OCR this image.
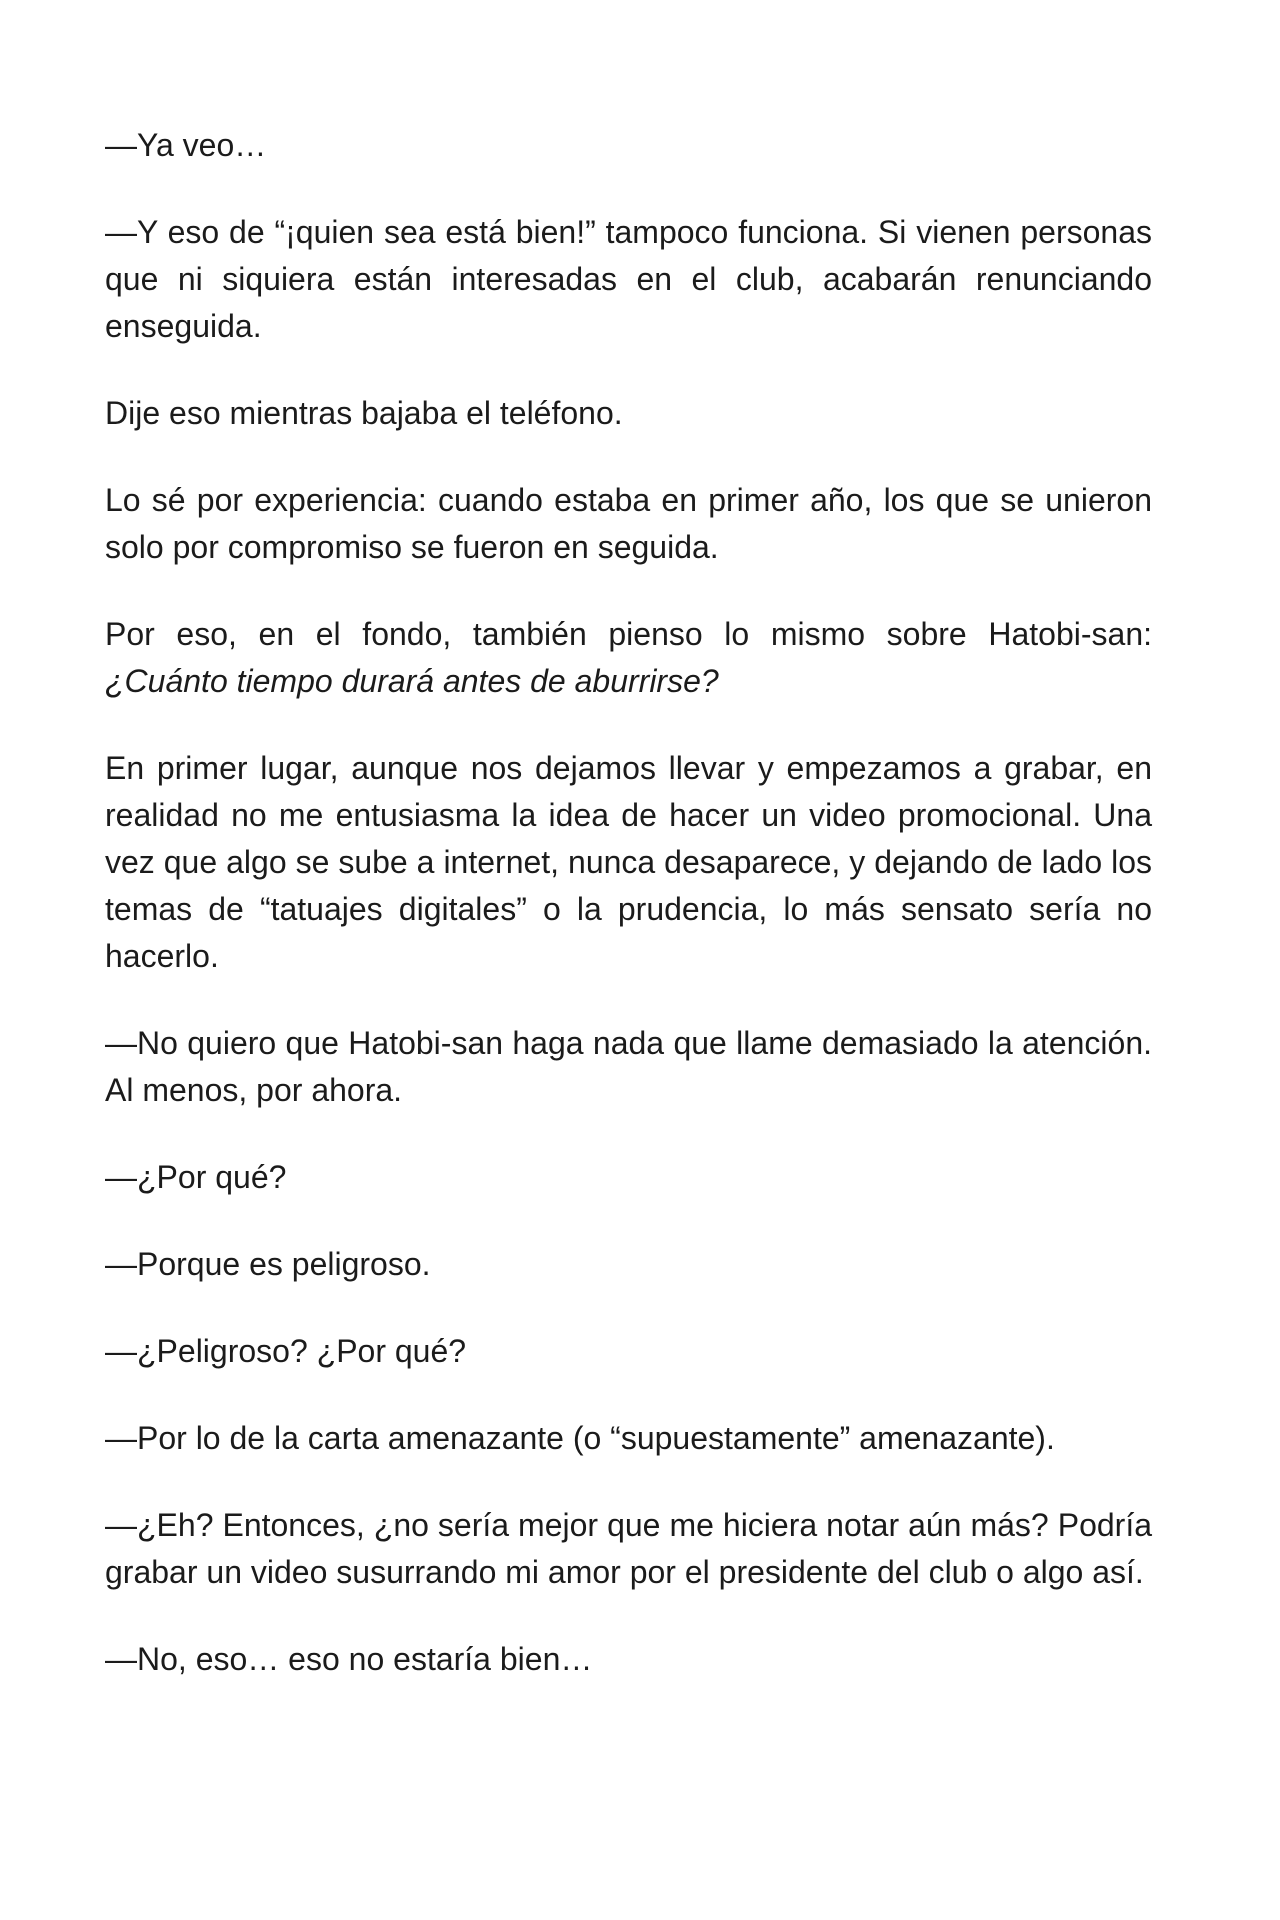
—Ya veo…

—Y eso de “¡quien sea está bien!” tampoco funciona. Si vienen personas que ni siquiera están interesadas en el club, acabarán renunciando enseguida.

Dije eso mientras bajaba el teléfono.

Lo sé por experiencia: cuando estaba en primer año, los que se unieron solo por compromiso se fueron en seguida.

Por eso, en el fondo, también pienso lo mismo sobre Hatobi-san: ¿Cuánto tiempo durará antes de aburrirse?

En primer lugar, aunque nos dejamos llevar y empezamos a grabar, en realidad no me entusiasma la idea de hacer un video promocional. Una vez que algo se sube a internet, nunca desaparece, y dejando de lado los temas de “tatuajes digitales” o la prudencia, lo más sensato sería no hacerlo.

—No quiero que Hatobi-san haga nada que llame demasiado la atención. Al menos, por ahora.

—¿Por qué?

—Porque es peligroso.

—¿Peligroso? ¿Por qué?

—Por lo de la carta amenazante (o “supuestamente” amenazante).

—¿Eh? Entonces, ¿no sería mejor que me hiciera notar aún más? Podría grabar un video susurrando mi amor por el presidente del club o algo así.

—No, eso… eso no estaría bien…
